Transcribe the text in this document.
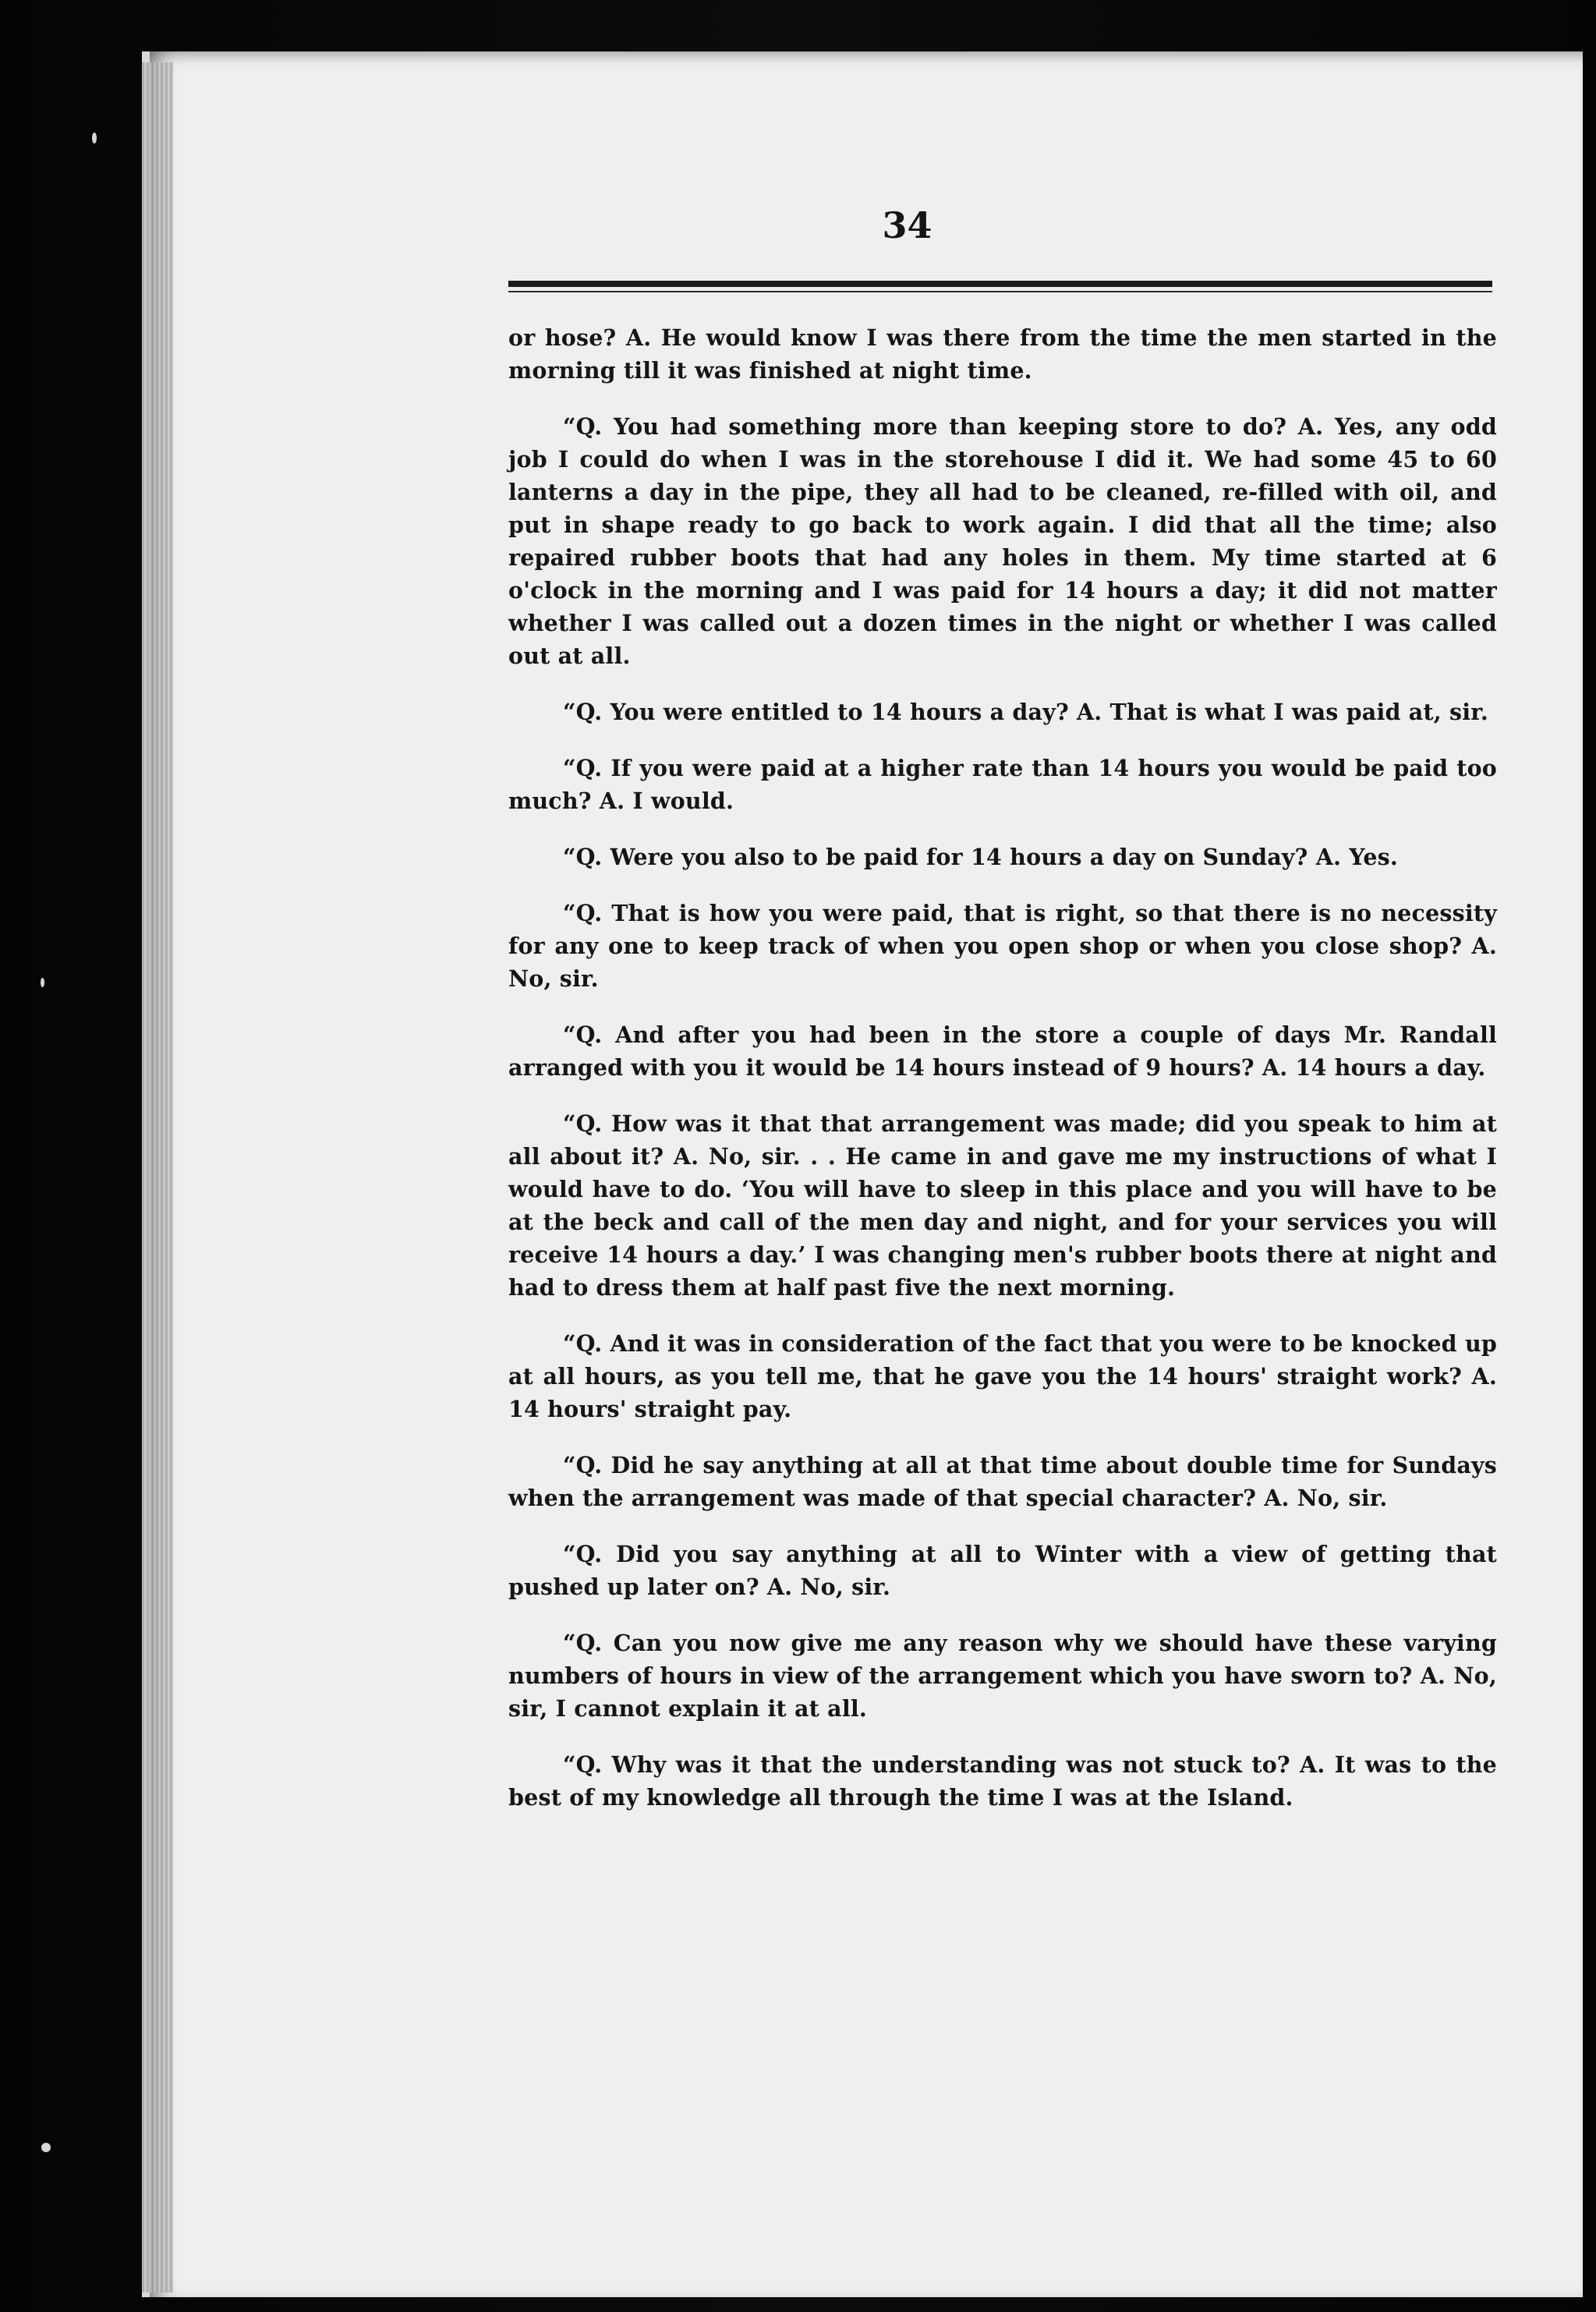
34

or hose? A. He would know I was there from the time the men started in the morning till it was finished at night time.

“Q. You had something more than keeping store to do? A. Yes, any odd job I could do when I was in the storehouse I did it. We had some 45 to 60 lanterns a day in the pipe, they all had to be cleaned, re-filled with oil, and put in shape ready to go back to work again. I did that all the time; also repaired rubber boots that had any holes in them. My time started at 6 o'clock in the morning and I was paid for 14 hours a day; it did not matter whether I was called out a dozen times in the night or whether I was called out at all.

“Q. You were entitled to 14 hours a day? A. That is what I was paid at, sir.

“Q. If you were paid at a higher rate than 14 hours you would be paid too much? A. I would.

“Q. Were you also to be paid for 14 hours a day on Sunday? A. Yes.

“Q. That is how you were paid, that is right, so that there is no necessity for any one to keep track of when you open shop or when you close shop? A. No, sir.

“Q. And after you had been in the store a couple of days Mr. Randall arranged with you it would be 14 hours instead of 9 hours? A. 14 hours a day.

“Q. How was it that that arrangement was made; did you speak to him at all about it? A. No, sir. . . He came in and gave me my instructions of what I would have to do. ‘You will have to sleep in this place and you will have to be at the beck and call of the men day and night, and for your services you will receive 14 hours a day.’ I was changing men's rubber boots there at night and had to dress them at half past five the next morning.

“Q. And it was in consideration of the fact that you were to be knocked up at all hours, as you tell me, that he gave you the 14 hours' straight work? A. 14 hours' straight pay.

“Q. Did he say anything at all at that time about double time for Sundays when the arrangement was made of that special character? A. No, sir.

“Q. Did you say anything at all to Winter with a view of getting that pushed up later on? A. No, sir.

“Q. Can you now give me any reason why we should have these varying numbers of hours in view of the arrangement which you have sworn to? A. No, sir, I cannot explain it at all.

“Q. Why was it that the understanding was not stuck to? A. It was to the best of my knowledge all through the time I was at the Island.
